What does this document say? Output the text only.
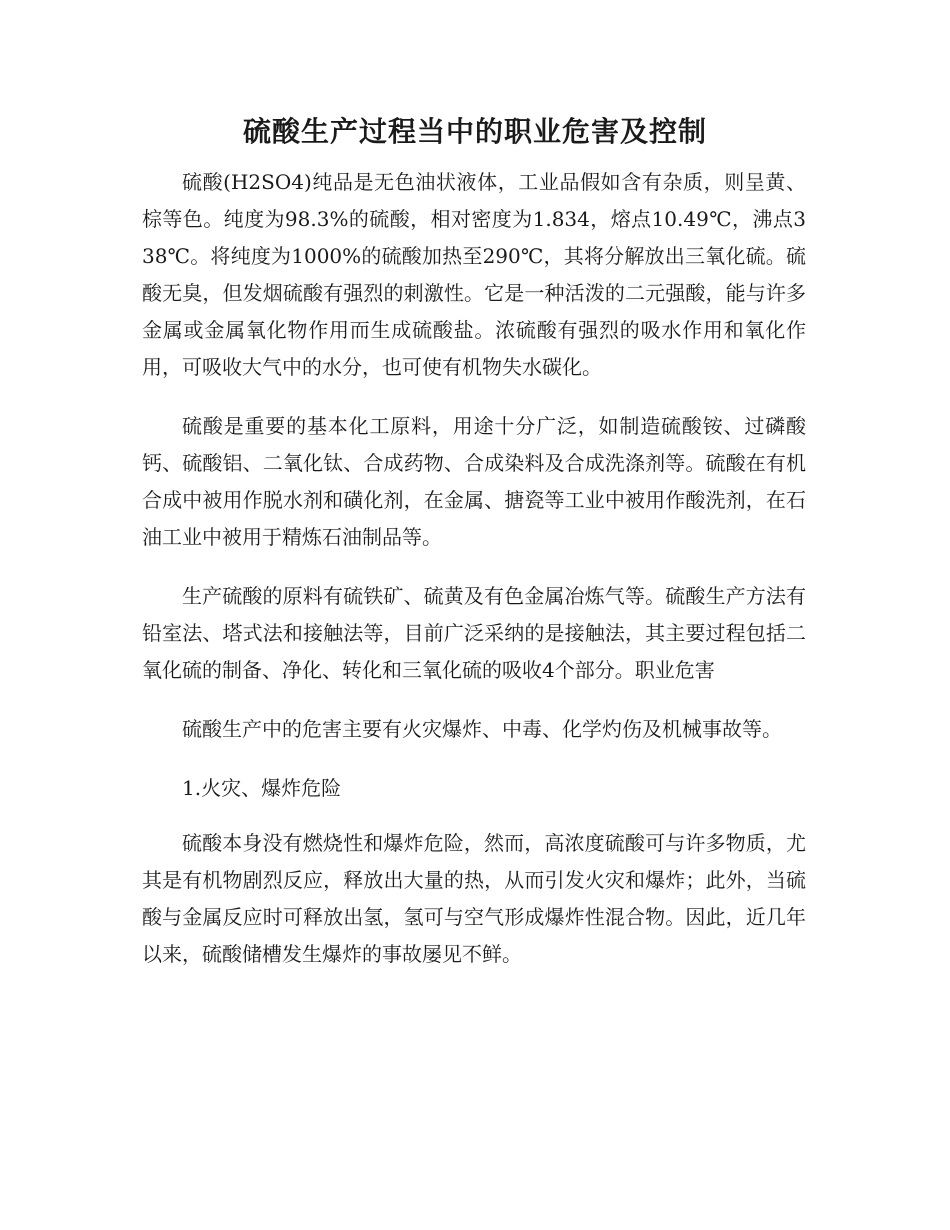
硫酸生产过程当中的职业危害及控制

硫酸(H2SO4)纯品是无色油状液体，工业品假如含有杂质，则呈黄、棕等色。纯度为98.3%的硫酸，相对密度为1.834，熔点10.49℃，沸点338℃。将纯度为1000%的硫酸加热至290℃，其将分解放出三氧化硫。硫酸无臭，但发烟硫酸有强烈的刺激性。它是一种活泼的二元强酸，能与许多金属或金属氧化物作用而生成硫酸盐。浓硫酸有强烈的吸水作用和氧化作用，可吸收大气中的水分，也可使有机物失水碳化。

硫酸是重要的基本化工原料，用途十分广泛，如制造硫酸铵、过磷酸钙、硫酸铝、二氧化钛、合成药物、合成染料及合成洗涤剂等。硫酸在有机合成中被用作脱水剂和磺化剂，在金属、搪瓷等工业中被用作酸洗剂，在石油工业中被用于精炼石油制品等。

生产硫酸的原料有硫铁矿、硫黄及有色金属冶炼气等。硫酸生产方法有铅室法、塔式法和接触法等，目前广泛采纳的是接触法，其主要过程包括二氧化硫的制备、净化、转化和三氧化硫的吸收4个部分。职业危害

硫酸生产中的危害主要有火灾爆炸、中毒、化学灼伤及机械事故等。

1.火灾、爆炸危险

硫酸本身没有燃烧性和爆炸危险，然而，高浓度硫酸可与许多物质，尤其是有机物剧烈反应，释放出大量的热，从而引发火灾和爆炸；此外，当硫酸与金属反应时可释放出氢，氢可与空气形成爆炸性混合物。因此，近几年以来，硫酸储槽发生爆炸的事故屡见不鲜。
